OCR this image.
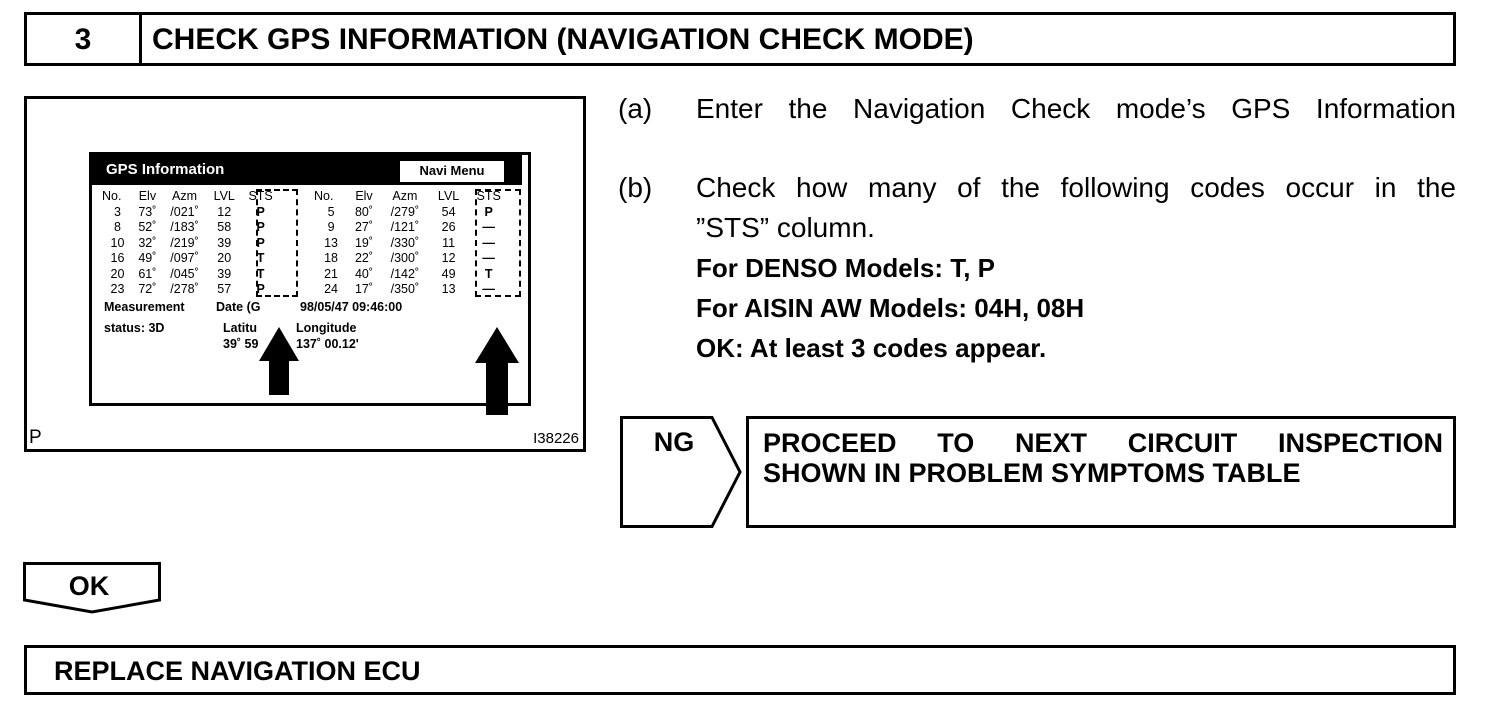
3	CHECK GPS INFORMATION (NAVIGATION CHECK MODE)
GPS Information	Navi Menu
No.	Elv	Azm	LVL	STS
3	73˚	/021˚	12	P
8	52˚	/183˚	58	P
10	32˚	/219˚	39	P
16	49˚	/097˚	20	T
20	61˚	/045˚	39	T
23	72˚	/278˚	57	P
No.	Elv	Azm	LVL	STS
5	80˚	/279˚	54	P
9	27˚	/121˚	26	—
13	19˚	/330˚	11	—
18	22˚	/300˚	12	—
21	40˚	/142˚	49	T
24	17˚	/350˚	13	—
Measurement
status: 3D
Date (G	98/05/47 09:46:00
Latitu
39˚ 59
Longitude
137˚ 00.12'
P	I38226
(a) Enter the Navigation Check mode’s GPS Information
(b) Check how many of the following codes occur in the
”STS” column.
For DENSO Models: T, P
For AISIN AW Models: 04H, 08H
OK: At least 3 codes appear.
NG	PROCEED TO NEXT CIRCUIT INSPECTION
SHOWN IN PROBLEM SYMPTOMS TABLE
OK
REPLACE NAVIGATION ECU
